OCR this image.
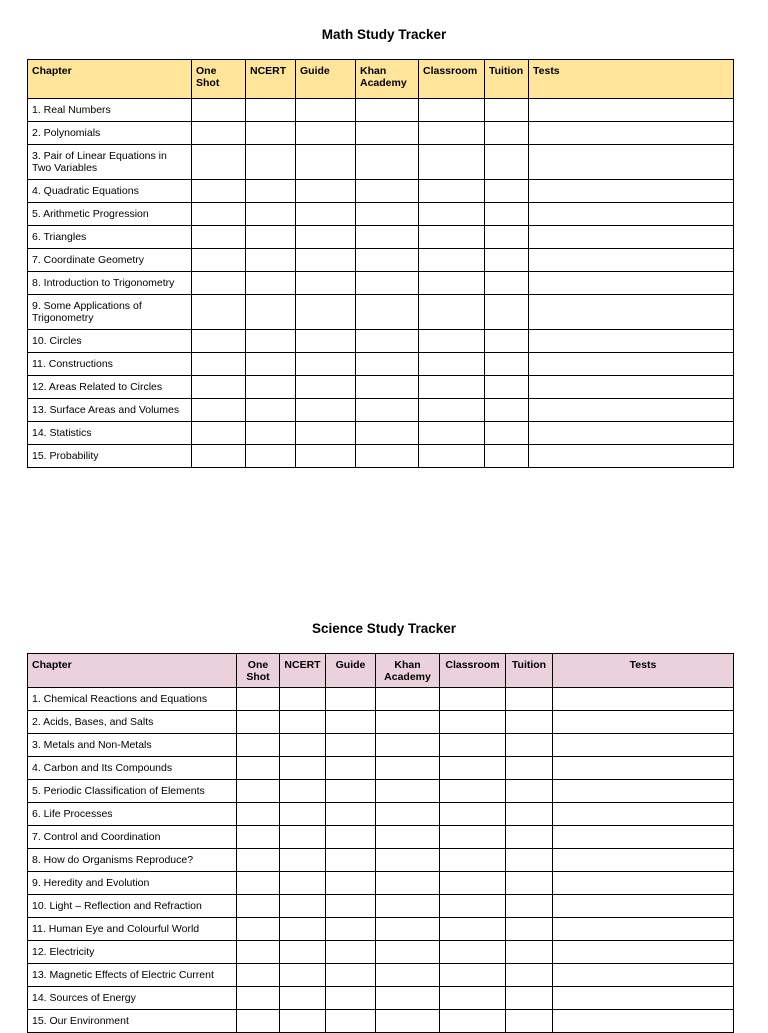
Math Study Tracker
Chapter	One Shot	NCERT	Guide	Khan Academy	Classroom	Tuition	Tests
1. Real Numbers							
2. Polynomials							
3. Pair of Linear Equations in Two Variables							
4. Quadratic Equations							
5. Arithmetic Progression							
6. Triangles							
7. Coordinate Geometry							
8. Introduction to Trigonometry							
9. Some Applications of Trigonometry							
10. Circles							
11. Constructions							
12. Areas Related to Circles							
13. Surface Areas and Volumes							
14. Statistics							
15. Probability							
Science Study Tracker
Chapter	One Shot	NCERT	Guide	Khan Academy	Classroom	Tuition	Tests
1. Chemical Reactions and Equations							
2. Acids, Bases, and Salts							
3. Metals and Non-Metals							
4. Carbon and Its Compounds							
5. Periodic Classification of Elements							
6. Life Processes							
7. Control and Coordination							
8. How do Organisms Reproduce?							
9. Heredity and Evolution							
10. Light – Reflection and Refraction							
11. Human Eye and Colourful World							
12. Electricity							
13. Magnetic Effects of Electric Current							
14. Sources of Energy							
15. Our Environment							
